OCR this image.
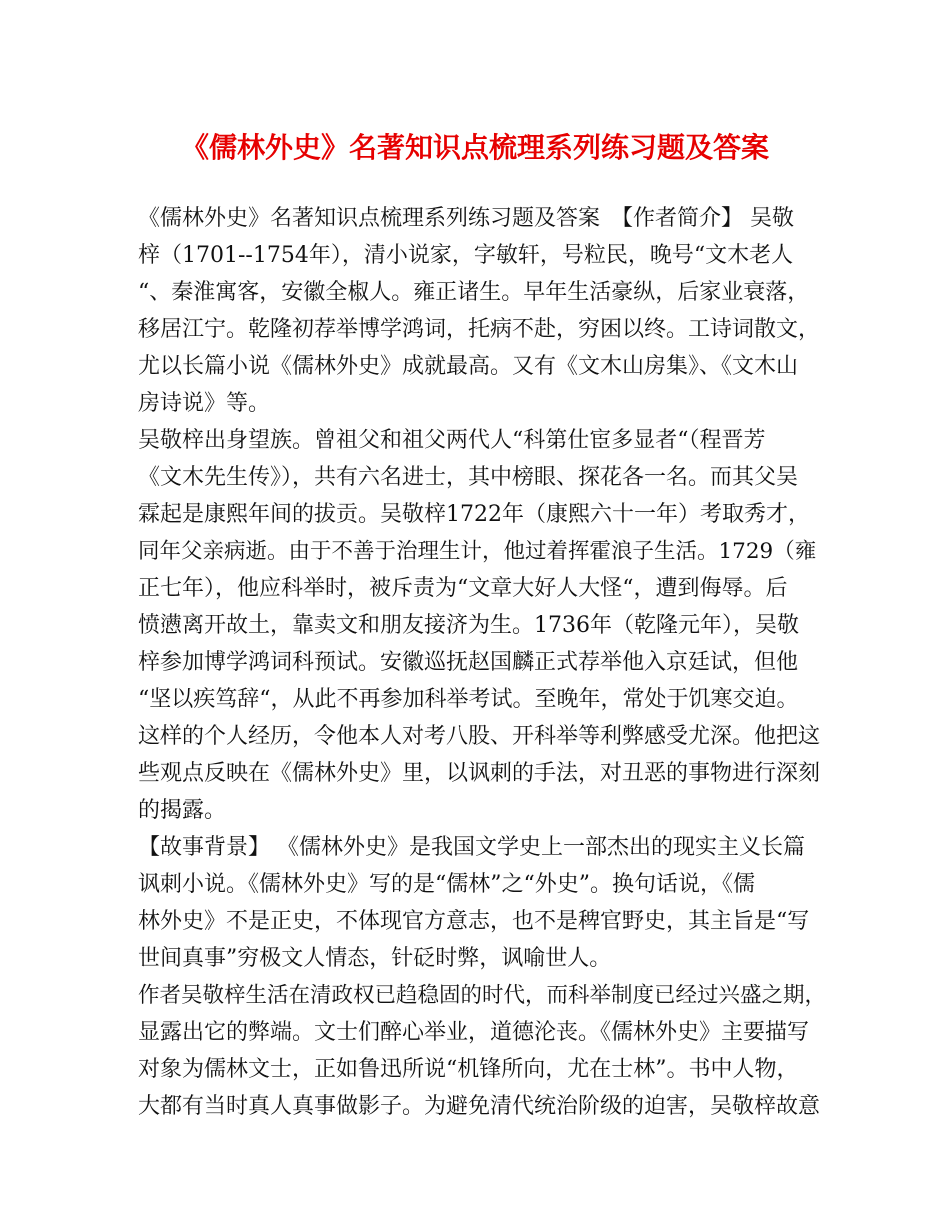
《儒林外史》名著知识点梳理系列练习题及答案
《儒林外史》名著知识点梳理系列练习题及答案　【作者简介】 吴敬
梓（1701--1754年），清小说家，字敏轩，号粒民，晚号“文木老人
“、秦淮寓客，安徽全椒人。雍正诸生。早年生活豪纵，后家业衰落，
移居江宁。乾隆初荐举博学鸿词，托病不赴，穷困以终。工诗词散文，
尤以长篇小说《儒林外史》成就最高。又有《文木山房集》、《文木山
房诗说》等。
吴敬梓出身望族。曾祖父和祖父两代人“科第仕宦多显者“（程晋芳
《文木先生传》），共有六名进士，其中榜眼、探花各一名。而其父吴
霖起是康熙年间的拔贡。吴敬梓1722年（康熙六十一年）考取秀才，
同年父亲病逝。由于不善于治理生计，他过着挥霍浪子生活。1729（雍
正七年），他应科举时，被斥责为“文章大好人大怪“，遭到侮辱。后
愤懑离开故土，靠卖文和朋友接济为生。1736年（乾隆元年），吴敬
梓参加博学鸿词科预试。安徽巡抚赵国麟正式荐举他入京廷试，但他
“坚以疾笃辞“，从此不再参加科举考试。至晚年，常处于饥寒交迫。
这样的个人经历，令他本人对考八股、开科举等利弊感受尤深。他把这
些观点反映在《儒林外史》里，以讽刺的手法，对丑恶的事物进行深刻
的揭露。
【故事背景】 《儒林外史》是我国文学史上一部杰出的现实主义长篇
讽刺小说。《儒林外史》写的是“儒林”之“外史”。换句话说，《儒
林外史》不是正史，不体现官方意志，也不是稗官野史，其主旨是“写
世间真事”穷极文人情态，针砭时弊，讽喻世人。
作者吴敬梓生活在清政权已趋稳固的时代，而科举制度已经过兴盛之期，
显露出它的弊端。文士们醉心举业，道德沦丧。《儒林外史》主要描写
对象为儒林文士，正如鲁迅所说“机锋所向，尤在士林”。书中人物，
大都有当时真人真事做影子。为避免清代统治阶级的迫害，吴敬梓故意
